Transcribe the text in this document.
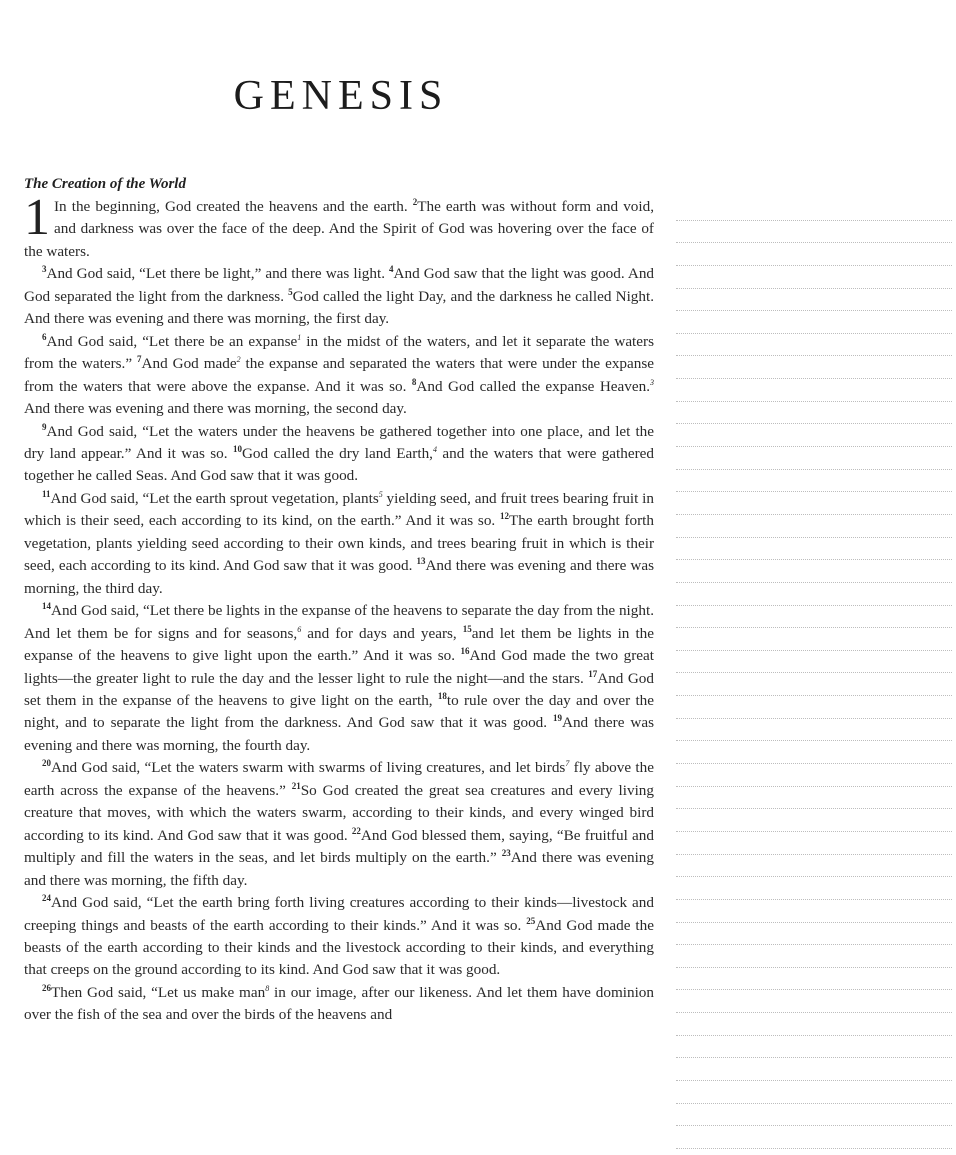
GENESIS
The Creation of the World

1 In the beginning, God created the heavens and the earth. $^2$The earth was without form and void, and darkness was over the face of the deep. And the Spirit of God was hovering over the face of the waters.

$^3$And God said, “Let there be light,” and there was light. $^4$And God saw that the light was good. And God separated the light from the darkness. $^5$God called the light Day, and the darkness he called Night. And there was evening and there was morning, the first day.

$^6$And God said, “Let there be an expanse$^1$ in the midst of the waters, and let it separate the waters from the waters.” $^7$And God made$^2$ the expanse and separated the waters that were under the expanse from the waters that were above the expanse. And it was so. $^8$And God called the expanse Heaven.$^3$ And there was evening and there was morning, the second day.

$^9$And God said, “Let the waters under the heavens be gathered together into one place, and let the dry land appear.” And it was so. $^{10}$God called the dry land Earth,$^4$ and the waters that were gathered together he called Seas. And God saw that it was good.

$^{11}$And God said, “Let the earth sprout vegetation, plants$^5$ yielding seed, and fruit trees bearing fruit in which is their seed, each according to its kind, on the earth.” And it was so. $^{12}$The earth brought forth vegetation, plants yielding seed according to their own kinds, and trees bearing fruit in which is their seed, each according to its kind. And God saw that it was good. $^{13}$And there was evening and there was morning, the third day.

$^{14}$And God said, “Let there be lights in the expanse of the heavens to separate the day from the night. And let them be for signs and for seasons,$^6$ and for days and years, $^{15}$and let them be lights in the expanse of the heavens to give light upon the earth.” And it was so. $^{16}$And God made the two great lights—the greater light to rule the day and the lesser light to rule the night—and the stars. $^{17}$And God set them in the expanse of the heavens to give light on the earth, $^{18}$to rule over the day and over the night, and to separate the light from the darkness. And God saw that it was good. $^{19}$And there was evening and there was morning, the fourth day.

$^{20}$And God said, “Let the waters swarm with swarms of living creatures, and let birds$^7$ fly above the earth across the expanse of the heavens.” $^{21}$So God created the great sea creatures and every living creature that moves, with which the waters swarm, according to their kinds, and every winged bird according to its kind. And God saw that it was good. $^{22}$And God blessed them, saying, “Be fruitful and multiply and fill the waters in the seas, and let birds multiply on the earth.” $^{23}$And there was evening and there was morning, the fifth day.

$^{24}$And God said, “Let the earth bring forth living creatures according to their kinds—livestock and creeping things and beasts of the earth according to their kinds.” And it was so. $^{25}$And God made the beasts of the earth according to their kinds and the livestock according to their kinds, and everything that creeps on the ground according to its kind. And God saw that it was good.

$^{26}$Then God said, “Let us make man$^8$ in our image, after our likeness. And let them have dominion over the fish of the sea and over the birds of the heavens and
